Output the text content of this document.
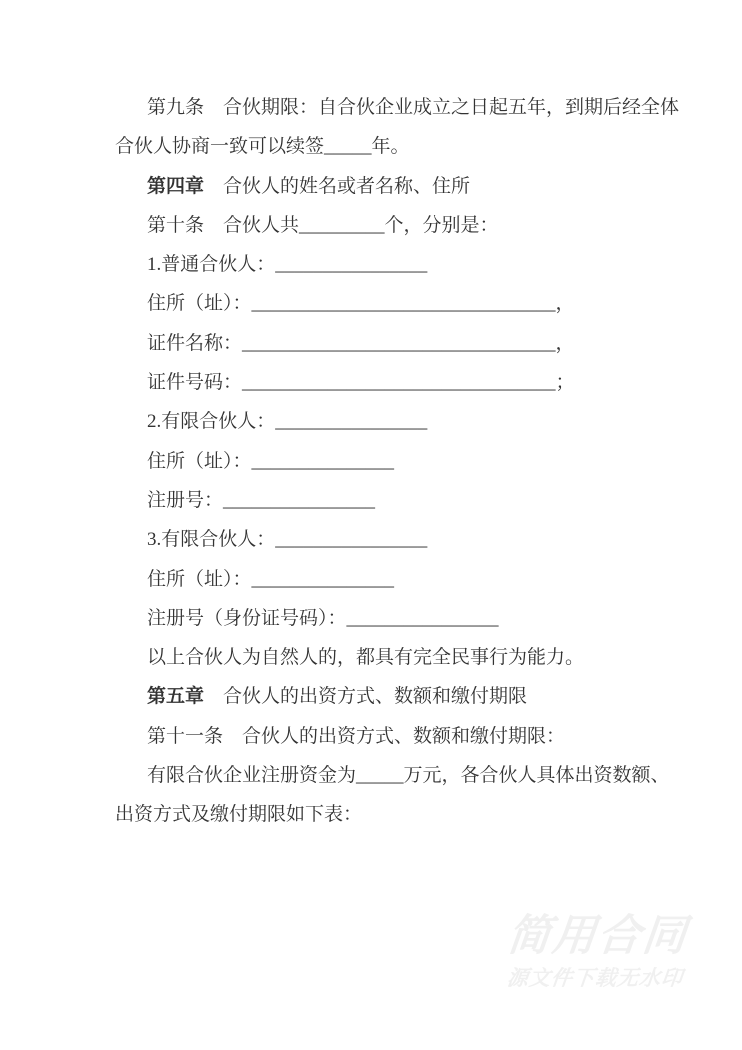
第九条　合伙期限：自合伙企业成立之日起五年，到期后经全体
合伙人协商一致可以续签_____年。
第四章　合伙人的姓名或者名称、住所
第十条　合伙人共_________个，分别是：
1.普通合伙人：________________
住所（址）：________________________________，
证件名称：_________________________________，
证件号码：_________________________________；
2.有限合伙人：________________
住所（址）：_______________
注册号：________________
3.有限合伙人：________________
住所（址）：_______________
注册号（身份证号码）：________________
以上合伙人为自然人的，都具有完全民事行为能力。
第五章　合伙人的出资方式、数额和缴付期限
第十一条　合伙人的出资方式、数额和缴付期限：
有限合伙企业注册资金为_____万元，各合伙人具体出资数额、
出资方式及缴付期限如下表：
简用合同
源文件下载无水印
